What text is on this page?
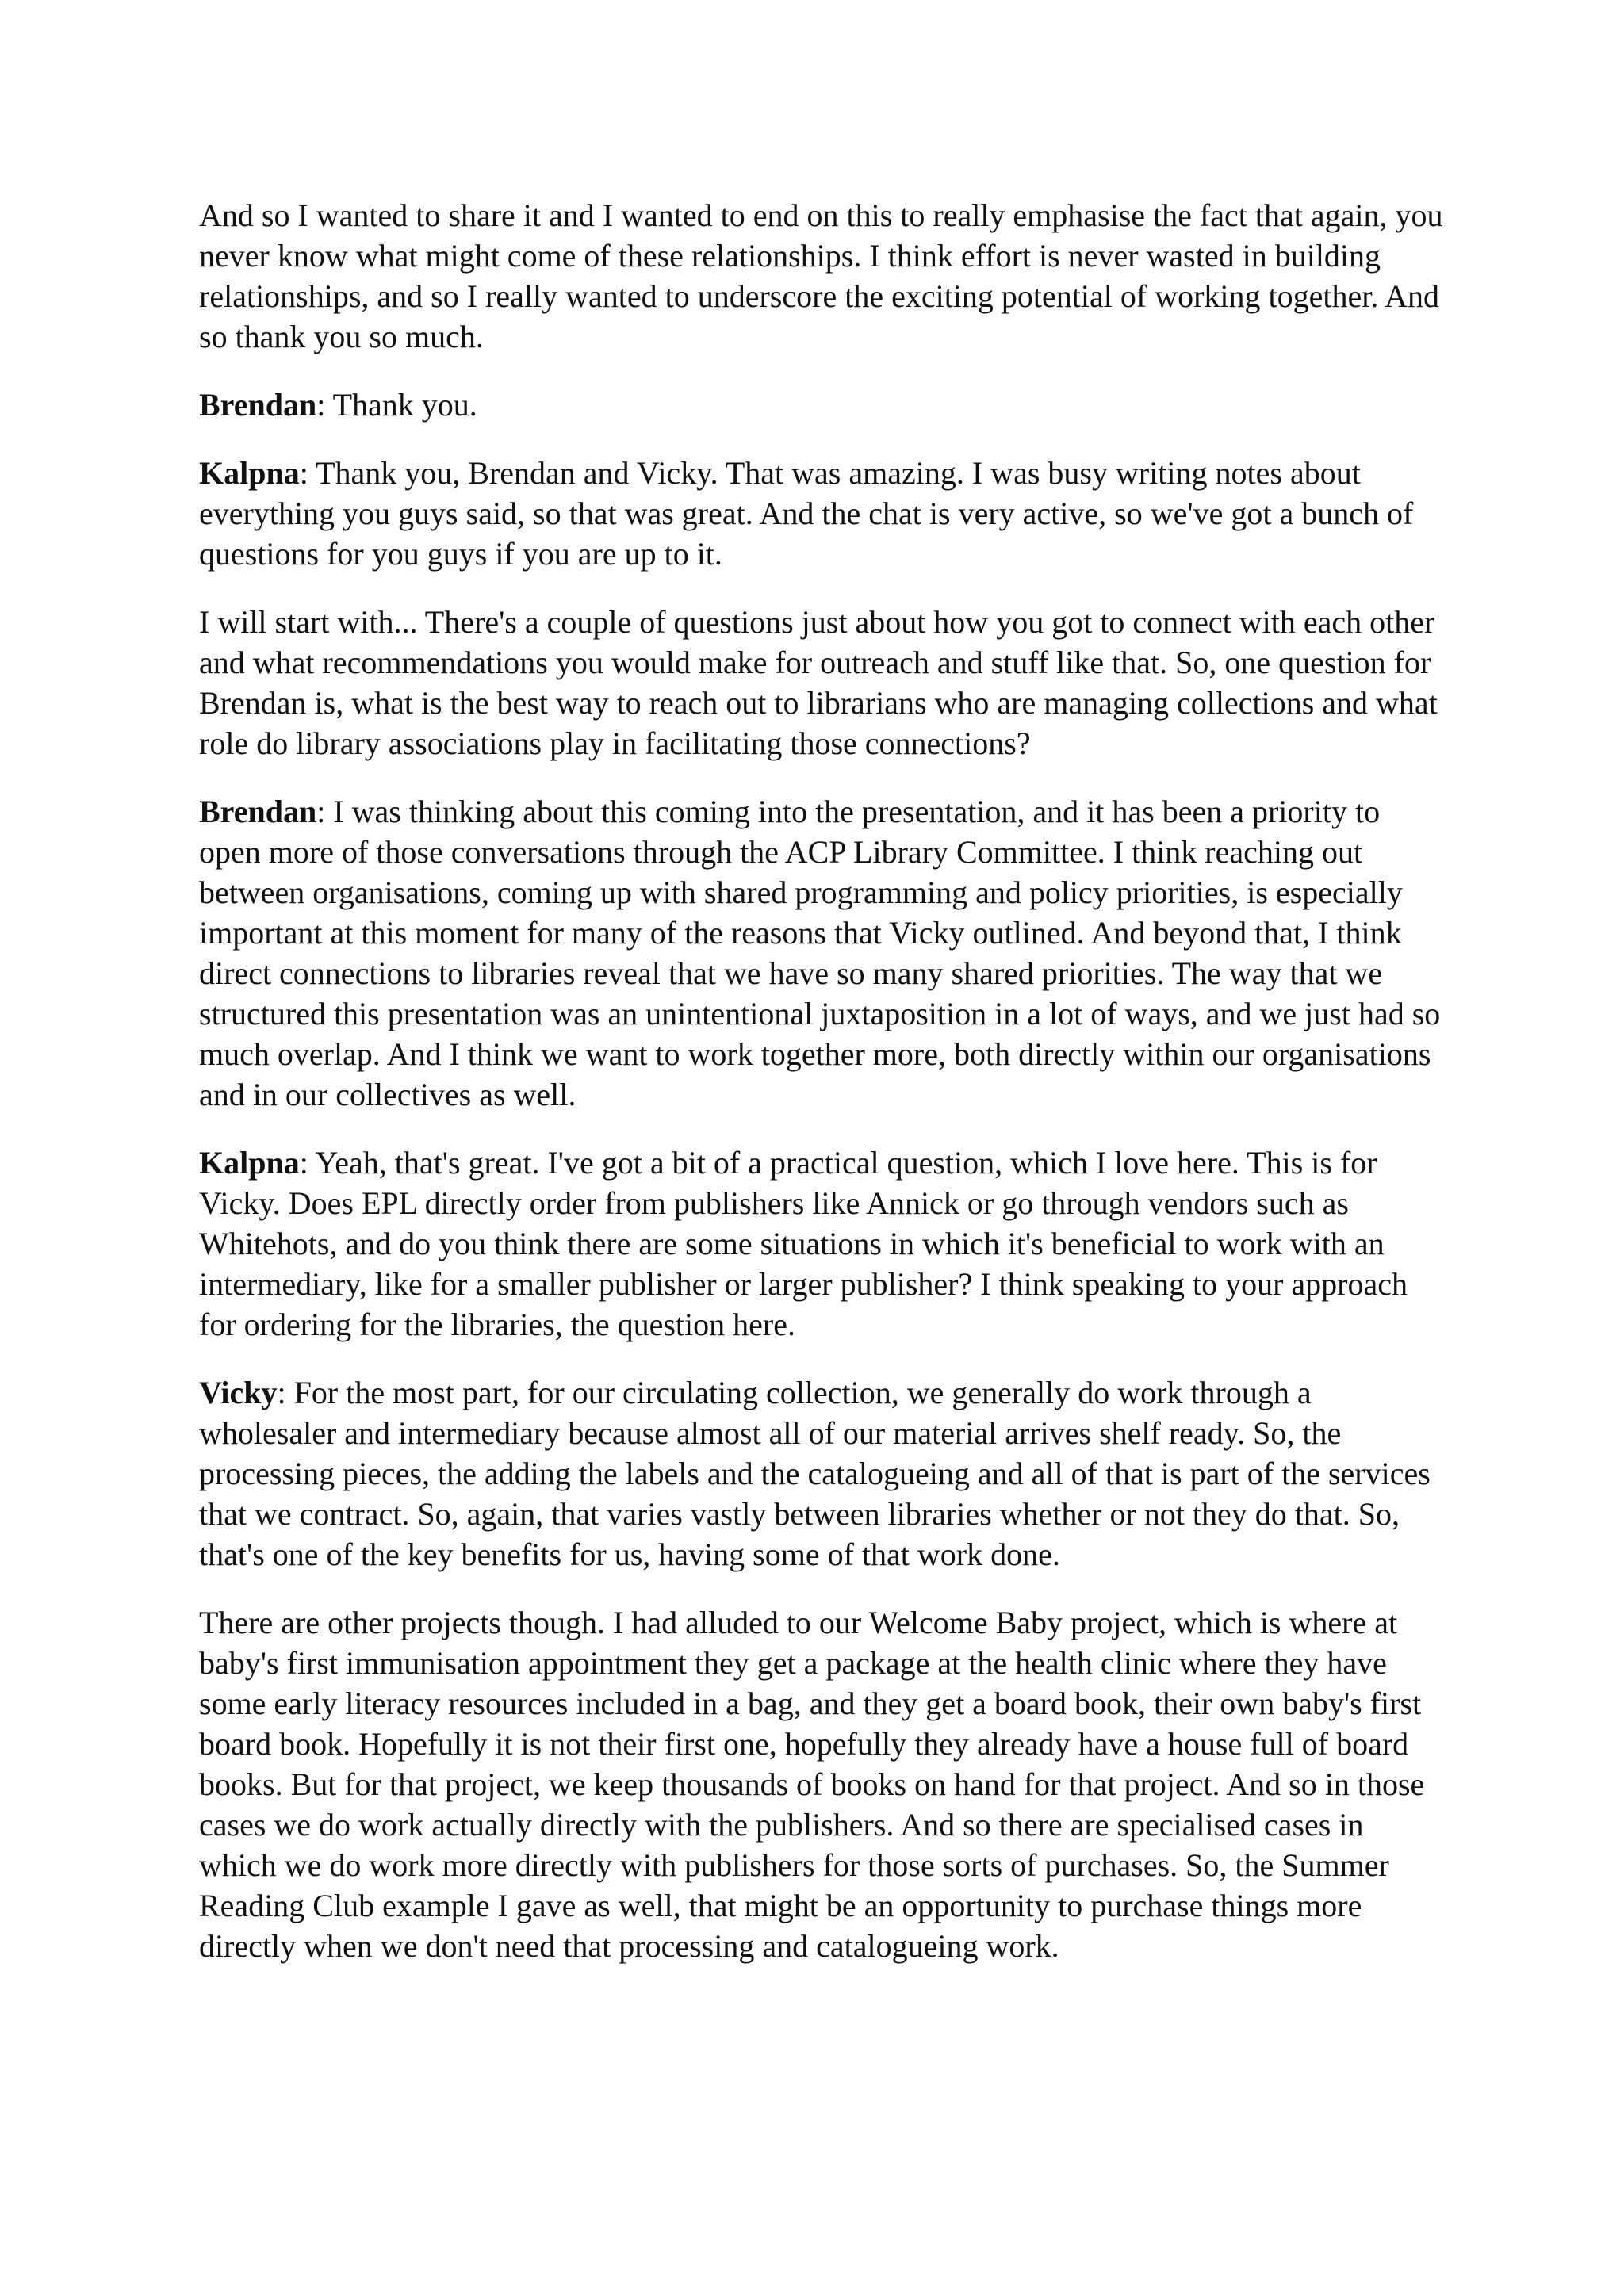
And so I wanted to share it and I wanted to end on this to really emphasise the fact that again, you never know what might come of these relationships. I think effort is never wasted in building relationships, and so I really wanted to underscore the exciting potential of working together. And so thank you so much.

Brendan: Thank you.

Kalpna: Thank you, Brendan and Vicky. That was amazing. I was busy writing notes about everything you guys said, so that was great. And the chat is very active, so we've got a bunch of questions for you guys if you are up to it.

I will start with... There's a couple of questions just about how you got to connect with each other and what recommendations you would make for outreach and stuff like that. So, one question for Brendan is, what is the best way to reach out to librarians who are managing collections and what role do library associations play in facilitating those connections?

Brendan: I was thinking about this coming into the presentation, and it has been a priority to open more of those conversations through the ACP Library Committee. I think reaching out between organisations, coming up with shared programming and policy priorities, is especially important at this moment for many of the reasons that Vicky outlined. And beyond that, I think direct connections to libraries reveal that we have so many shared priorities. The way that we structured this presentation was an unintentional juxtaposition in a lot of ways, and we just had so much overlap. And I think we want to work together more, both directly within our organisations and in our collectives as well.

Kalpna: Yeah, that's great. I've got a bit of a practical question, which I love here. This is for Vicky. Does EPL directly order from publishers like Annick or go through vendors such as Whitehots, and do you think there are some situations in which it's beneficial to work with an intermediary, like for a smaller publisher or larger publisher? I think speaking to your approach for ordering for the libraries, the question here.

Vicky: For the most part, for our circulating collection, we generally do work through a wholesaler and intermediary because almost all of our material arrives shelf ready. So, the processing pieces, the adding the labels and the catalogueing and all of that is part of the services that we contract. So, again, that varies vastly between libraries whether or not they do that. So, that's one of the key benefits for us, having some of that work done.

There are other projects though. I had alluded to our Welcome Baby project, which is where at baby's first immunisation appointment they get a package at the health clinic where they have some early literacy resources included in a bag, and they get a board book, their own baby's first board book. Hopefully it is not their first one, hopefully they already have a house full of board books. But for that project, we keep thousands of books on hand for that project. And so in those cases we do work actually directly with the publishers. And so there are specialised cases in which we do work more directly with publishers for those sorts of purchases. So, the Summer Reading Club example I gave as well, that might be an opportunity to purchase things more directly when we don't need that processing and catalogueing work.
